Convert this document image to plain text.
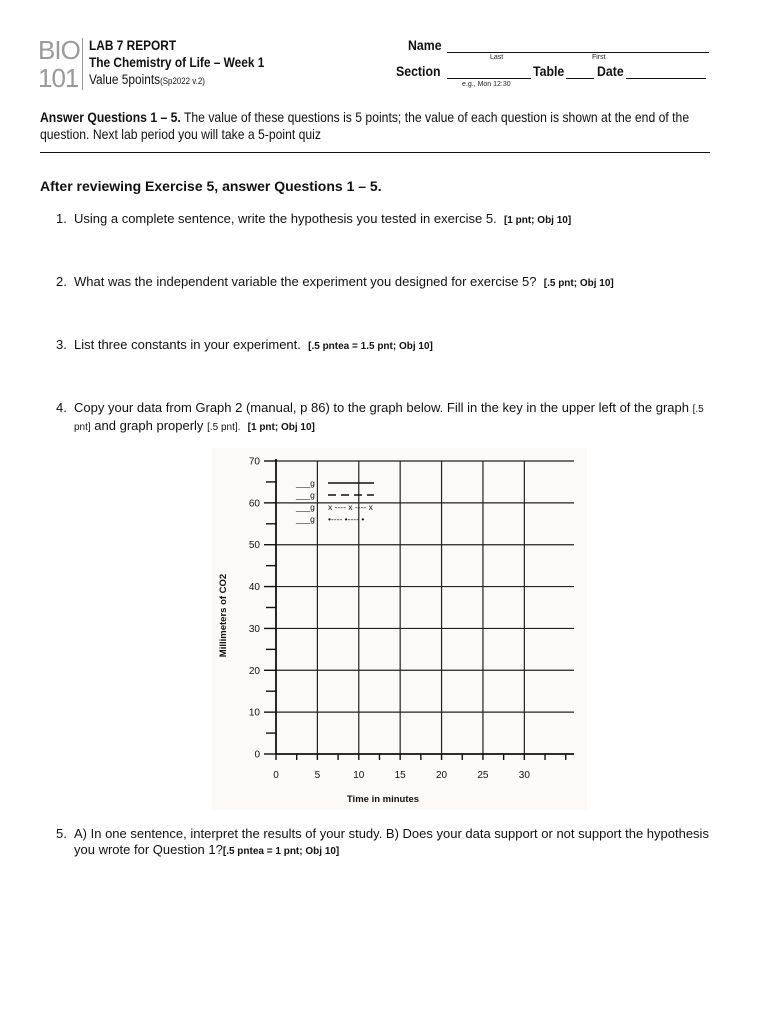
BIO
101
LAB 7 REPORT
The Chemistry of Life – Week 1
Value 5points(Sp2022 v.2)
Name
Last	First
Section
e.g., Mon 12:30
Table	Date
Answer Questions 1 – 5. The value of these questions is 5 points; the value of each question is shown at the end of the question. Next lab period you will take a 5-point quiz
After reviewing Exercise 5, answer Questions 1 – 5.
1. Using a complete sentence, write the hypothesis you tested in exercise 5. [1 pnt; Obj 10]
2. What was the independent variable the experiment you designed for exercise 5? [.5 pnt; Obj 10]
3. List three constants in your experiment. [.5 pntea = 1.5 pnt; Obj 10]
4. Copy your data from Graph 2 (manual, p 86) to the graph below. Fill in the key in the upper left of the graph [.5 pnt] and graph properly [.5 pnt]. [1 pnt; Obj 10]
0
10
20
30
40
50
60
70
0	5	10	15	20	25	30
Time in minutes
Millimeters of CO2
___g
___g
___g x ---- x ---- x
___g •---- •---- •
5. A) In one sentence, interpret the results of your study. B) Does your data support or not support the hypothesis you wrote for Question 1?[.5 pntea = 1 pnt; Obj 10]
